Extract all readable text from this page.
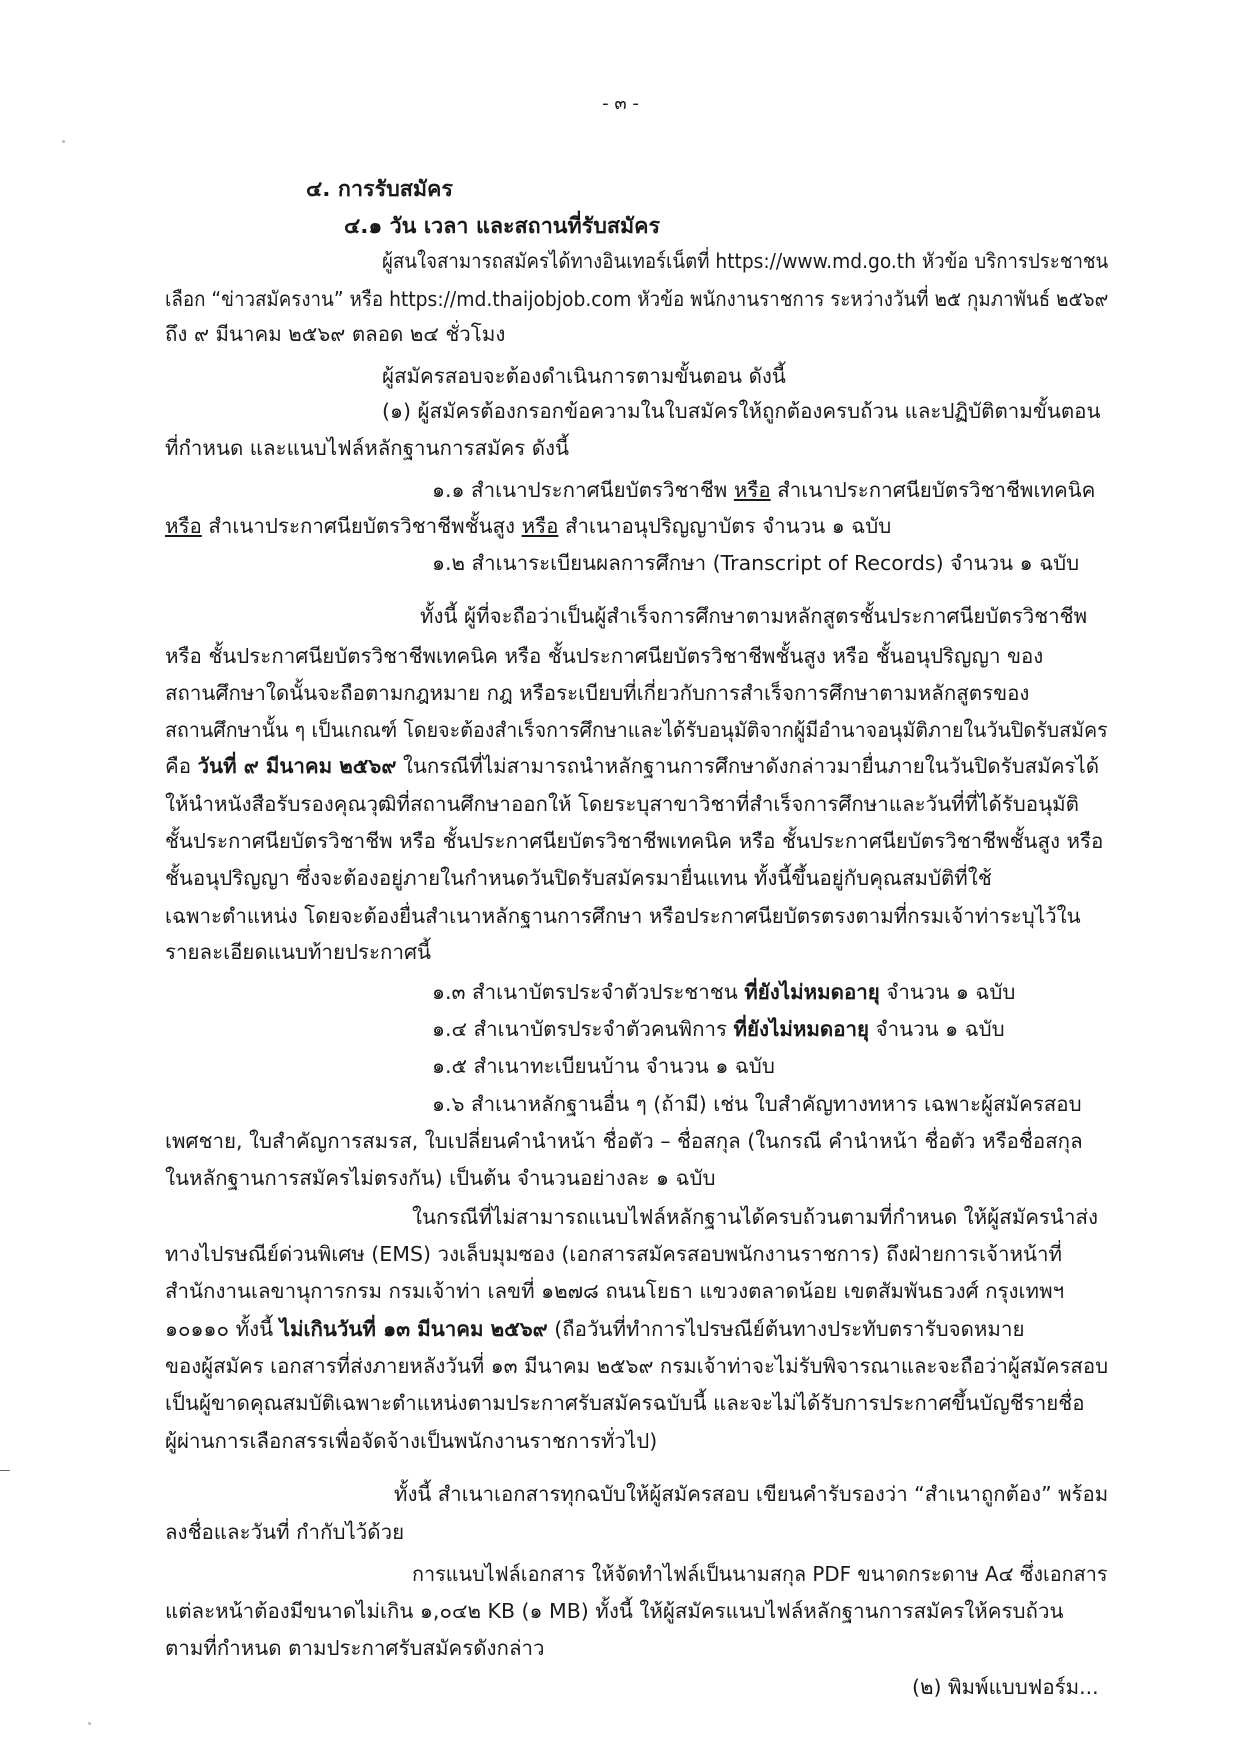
- ๓ -
๔. การรับสมัคร
๔.๑ วัน เวลา และสถานที่รับสมัคร
ผู้สนใจสามารถสมัครได้ทางอินเทอร์เน็ตที่ https://www.md.go.th หัวข้อ บริการประชาชน
เลือก “ข่าวสมัครงาน” หรือ https://md.thaijobjob.com หัวข้อ พนักงานราชการ ระหว่างวันที่ ๒๕ กุมภาพันธ์ ๒๕๖๙
ถึง ๙ มีนาคม ๒๕๖๙ ตลอด ๒๔ ชั่วโมง
ผู้สมัครสอบจะต้องดำเนินการตามขั้นตอน ดังนี้
(๑) ผู้สมัครต้องกรอกข้อความในใบสมัครให้ถูกต้องครบถ้วน และปฏิบัติตามขั้นตอน
ที่กำหนด และแนบไฟล์หลักฐานการสมัคร ดังนี้
๑.๑ สำเนาประกาศนียบัตรวิชาชีพ หรือ สำเนาประกาศนียบัตรวิชาชีพเทคนิค
หรือ สำเนาประกาศนียบัตรวิชาชีพชั้นสูง หรือ สำเนาอนุปริญญาบัตร จำนวน ๑ ฉบับ
๑.๒ สำเนาระเบียนผลการศึกษา (Transcript of Records) จำนวน ๑ ฉบับ
ทั้งนี้ ผู้ที่จะถือว่าเป็นผู้สำเร็จการศึกษาตามหลักสูตรชั้นประกาศนียบัตรวิชาชีพ
หรือ ชั้นประกาศนียบัตรวิชาชีพเทคนิค หรือ ชั้นประกาศนียบัตรวิชาชีพชั้นสูง หรือ ชั้นอนุปริญญา ของ
สถานศึกษาใดนั้นจะถือตามกฎหมาย กฎ หรือระเบียบที่เกี่ยวกับการสำเร็จการศึกษาตามหลักสูตรของ
สถานศึกษานั้น ๆ เป็นเกณฑ์ โดยจะต้องสำเร็จการศึกษาและได้รับอนุมัติจากผู้มีอำนาจอนุมัติภายในวันปิดรับสมัคร
คือ วันที่ ๙ มีนาคม ๒๕๖๙ ในกรณีที่ไม่สามารถนำหลักฐานการศึกษาดังกล่าวมายื่นภายในวันปิดรับสมัครได้
ให้นำหนังสือรับรองคุณวุฒิที่สถานศึกษาออกให้ โดยระบุสาขาวิชาที่สำเร็จการศึกษาและวันที่ที่ได้รับอนุมัติ
ชั้นประกาศนียบัตรวิชาชีพ หรือ ชั้นประกาศนียบัตรวิชาชีพเทคนิค หรือ ชั้นประกาศนียบัตรวิชาชีพชั้นสูง หรือ
ชั้นอนุปริญญา ซึ่งจะต้องอยู่ภายในกำหนดวันปิดรับสมัครมายื่นแทน ทั้งนี้ขึ้นอยู่กับคุณสมบัติที่ใช้
เฉพาะตำแหน่ง โดยจะต้องยื่นสำเนาหลักฐานการศึกษา หรือประกาศนียบัตรตรงตามที่กรมเจ้าท่าระบุไว้ใน
รายละเอียดแนบท้ายประกาศนี้
๑.๓ สำเนาบัตรประจำตัวประชาชน ที่ยังไม่หมดอายุ จำนวน ๑ ฉบับ
๑.๔ สำเนาบัตรประจำตัวคนพิการ ที่ยังไม่หมดอายุ จำนวน ๑ ฉบับ
๑.๕ สำเนาทะเบียนบ้าน จำนวน ๑ ฉบับ
๑.๖ สำเนาหลักฐานอื่น ๆ (ถ้ามี) เช่น ใบสำคัญทางทหาร เฉพาะผู้สมัครสอบ
เพศชาย, ใบสำคัญการสมรส, ใบเปลี่ยนคำนำหน้า ชื่อตัว – ชื่อสกุล (ในกรณี คำนำหน้า ชื่อตัว หรือชื่อสกุล
ในหลักฐานการสมัครไม่ตรงกัน) เป็นต้น จำนวนอย่างละ ๑ ฉบับ
ในกรณีที่ไม่สามารถแนบไฟล์หลักฐานได้ครบถ้วนตามที่กำหนด ให้ผู้สมัครนำส่ง
ทางไปรษณีย์ด่วนพิเศษ (EMS) วงเล็บมุมซอง (เอกสารสมัครสอบพนักงานราชการ) ถึงฝ่ายการเจ้าหน้าที่
สำนักงานเลขานุการกรม กรมเจ้าท่า เลขที่ ๑๒๗๘ ถนนโยธา แขวงตลาดน้อย เขตสัมพันธวงศ์ กรุงเทพฯ
๑๐๑๑๐ ทั้งนี้ ไม่เกินวันที่ ๑๓ มีนาคม ๒๕๖๙ (ถือวันที่ทำการไปรษณีย์ต้นทางประทับตรารับจดหมาย
ของผู้สมัคร เอกสารที่ส่งภายหลังวันที่ ๑๓ มีนาคม ๒๕๖๙ กรมเจ้าท่าจะไม่รับพิจารณาและจะถือว่าผู้สมัครสอบ
เป็นผู้ขาดคุณสมบัติเฉพาะตำแหน่งตามประกาศรับสมัครฉบับนี้ และจะไม่ได้รับการประกาศขึ้นบัญชีรายชื่อ
ผู้ผ่านการเลือกสรรเพื่อจัดจ้างเป็นพนักงานราชการทั่วไป)
ทั้งนี้ สำเนาเอกสารทุกฉบับให้ผู้สมัครสอบ เขียนคำรับรองว่า “สำเนาถูกต้อง” พร้อม
ลงชื่อและวันที่ กำกับไว้ด้วย
การแนบไฟล์เอกสาร ให้จัดทำไฟล์เป็นนามสกุล PDF ขนาดกระดาษ A๔ ซึ่งเอกสาร
แต่ละหน้าต้องมีขนาดไม่เกิน ๑,๐๔๒ KB (๑ MB) ทั้งนี้ ให้ผู้สมัครแนบไฟล์หลักฐานการสมัครให้ครบถ้วน
ตามที่กำหนด ตามประกาศรับสมัครดังกล่าว
(๒) พิมพ์แบบฟอร์ม...
